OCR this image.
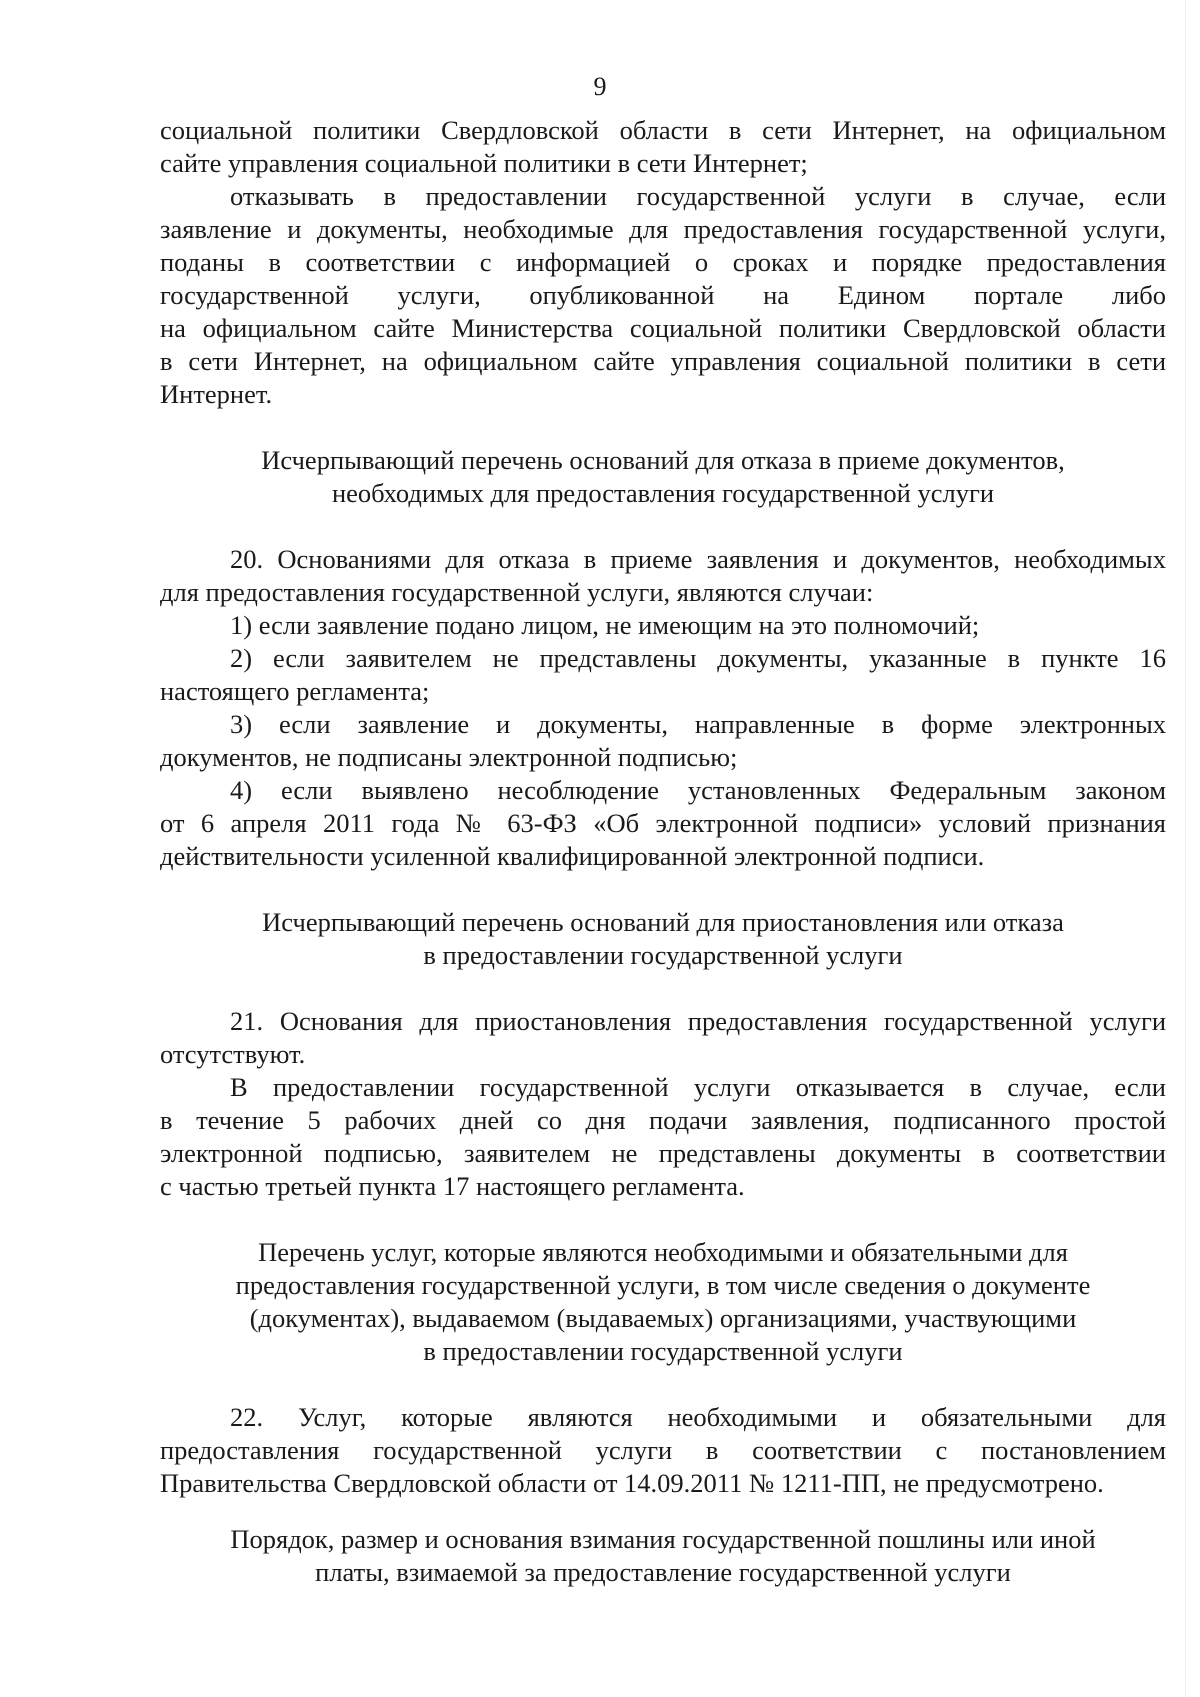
9

социальной политики Свердловской области в сети Интернет, на официальном
сайте управления социальной политики в сети Интернет;

отказывать в предоставлении государственной услуги в случае, если
заявление и документы, необходимые для предоставления государственной услуги,
поданы в соответствии с информацией о сроках и порядке предоставления
государственной услуги, опубликованной на Едином портале либо
на официальном сайте Министерства социальной политики Свердловской области
в сети Интернет, на официальном сайте управления социальной политики в сети
Интернет.

Исчерпывающий перечень оснований для отказа в приеме документов,
необходимых для предоставления государственной услуги

20. Основаниями для отказа в приеме заявления и документов, необходимых
для предоставления государственной услуги, являются случаи:
1) если заявление подано лицом, не имеющим на это полномочий;
2) если заявителем не представлены документы, указанные в пункте 16
настоящего регламента;
3) если заявление и документы, направленные в форме электронных
документов, не подписаны электронной подписью;
4) если выявлено несоблюдение установленных Федеральным законом
от 6 апреля 2011 года № 63-ФЗ «Об электронной подписи» условий признания
действительности усиленной квалифицированной электронной подписи.

Исчерпывающий перечень оснований для приостановления или отказа
в предоставлении государственной услуги

21. Основания для приостановления предоставления государственной услуги
отсутствуют.
В предоставлении государственной услуги отказывается в случае, если
в течение 5 рабочих дней со дня подачи заявления, подписанного простой
электронной подписью, заявителем не представлены документы в соответствии
с частью третьей пункта 17 настоящего регламента.

Перечень услуг, которые являются необходимыми и обязательными для
предоставления государственной услуги, в том числе сведения о документе
(документах), выдаваемом (выдаваемых) организациями, участвующими
в предоставлении государственной услуги

22. Услуг, которые являются необходимыми и обязательными для
предоставления государственной услуги в соответствии с постановлением
Правительства Свердловской области от 14.09.2011 № 1211-ПП, не предусмотрено.

Порядок, размер и основания взимания государственной пошлины или иной
платы, взимаемой за предоставление государственной услуги
